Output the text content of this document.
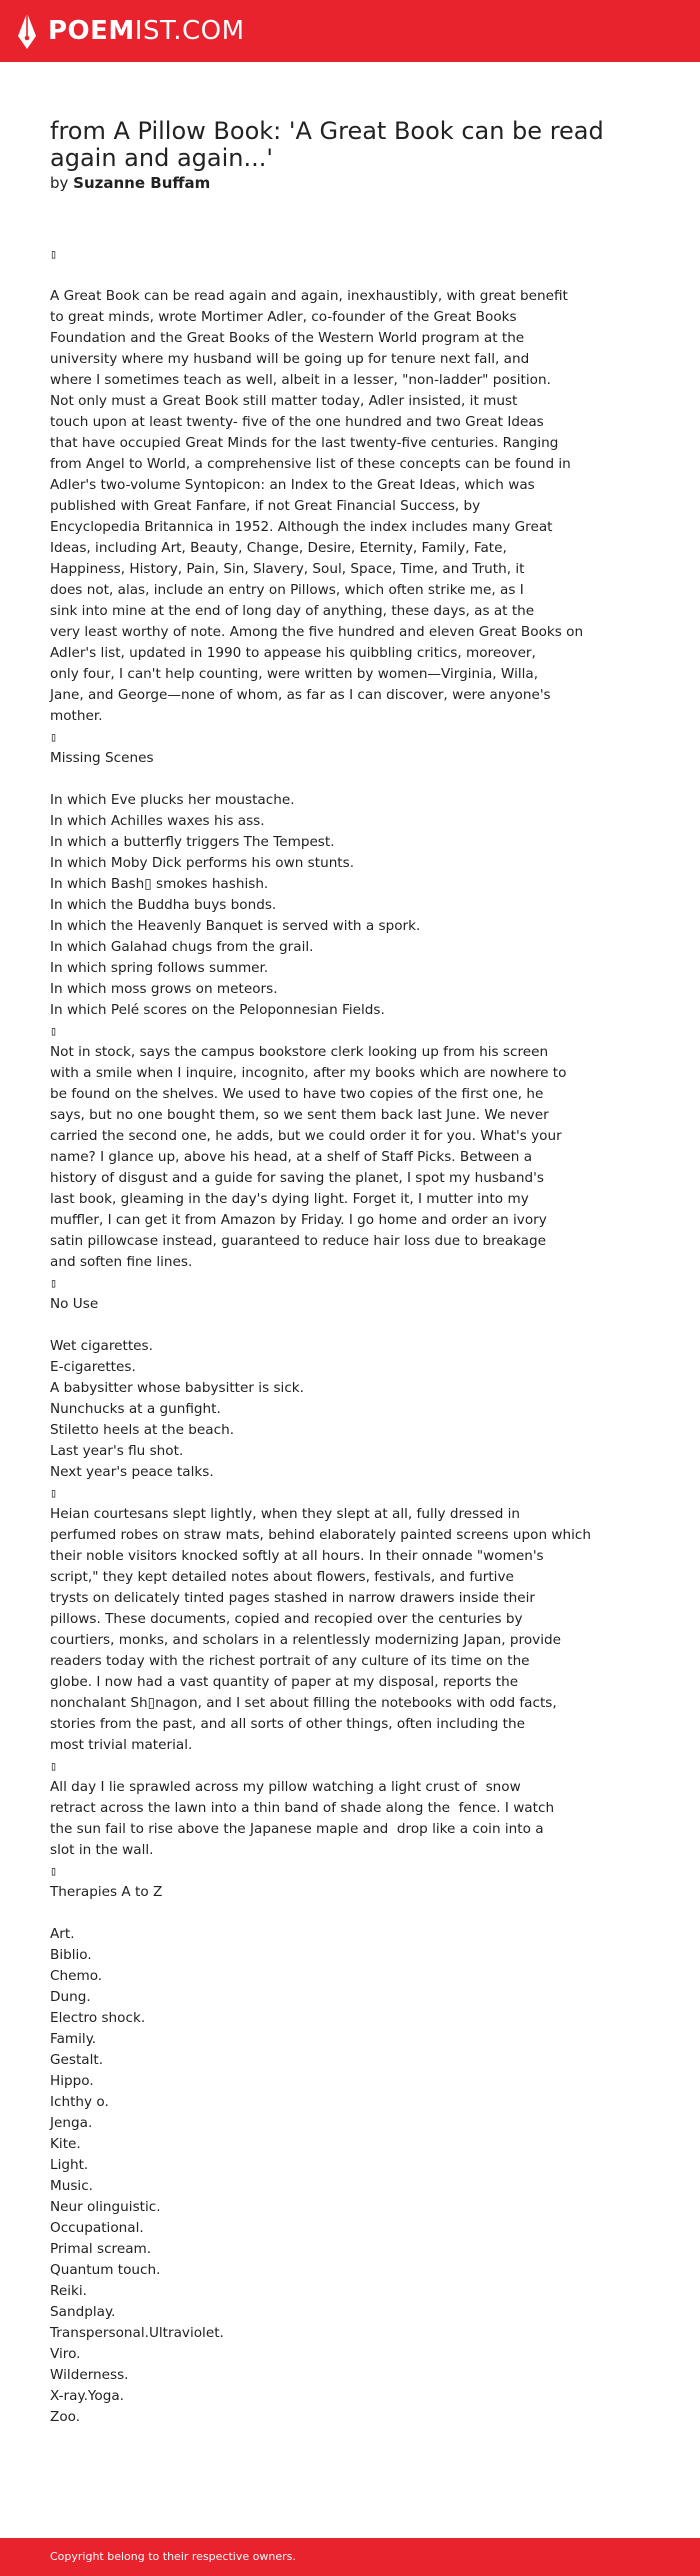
POEMIST.COM
from A Pillow Book: 'A Great Book can be read again and again...'
by Suzanne Buffam
▯
A Great Book can be read again and again, inexhaustibly, with great benefit
to great minds, wrote Mortimer Adler, co-founder of the Great Books
Foundation and the Great Books of the Western World program at the
university where my husband will be going up for tenure next fall, and
where I sometimes teach as well, albeit in a lesser, "non-ladder" position.
Not only must a Great Book still matter today, Adler insisted, it must
touch upon at least twenty- five of the one hundred and two Great Ideas
that have occupied Great Minds for the last twenty-five centuries. Ranging
from Angel to World, a comprehensive list of these concepts can be found in
Adler's two-volume Syntopicon: an Index to the Great Ideas, which was
published with Great Fanfare, if not Great Financial Success, by
Encyclopedia Britannica in 1952. Although the index includes many Great
Ideas, including Art, Beauty, Change, Desire, Eternity, Family, Fate,
Happiness, History, Pain, Sin, Slavery, Soul, Space, Time, and Truth, it
does not, alas, include an entry on Pillows, which often strike me, as I
sink into mine at the end of long day of anything, these days, as at the
very least worthy of note. Among the five hundred and eleven Great Books on
Adler's list, updated in 1990 to appease his quibbling critics, moreover,
only four, I can't help counting, were written by women—Virginia, Willa,
Jane, and George—none of whom, as far as I can discover, were anyone's
mother.
▯
Missing Scenes
In which Eve plucks her moustache.
In which Achilles waxes his ass.
In which a butterfly triggers The Tempest.
In which Moby Dick performs his own stunts.
In which Bash▯ smokes hashish.
In which the Buddha buys bonds.
In which the Heavenly Banquet is served with a spork.
In which Galahad chugs from the grail.
In which spring follows summer.
In which moss grows on meteors.
In which Pelé scores on the Peloponnesian Fields.
▯
Not in stock, says the campus bookstore clerk looking up from his screen
with a smile when I inquire, incognito, after my books which are nowhere to
be found on the shelves. We used to have two copies of the first one, he
says, but no one bought them, so we sent them back last June. We never
carried the second one, he adds, but we could order it for you. What's your
name? I glance up, above his head, at a shelf of Staff Picks. Between a
history of disgust and a guide for saving the planet, I spot my husband's
last book, gleaming in the day's dying light. Forget it, I mutter into my
muffler, I can get it from Amazon by Friday. I go home and order an ivory
satin pillowcase instead, guaranteed to reduce hair loss due to breakage
and soften fine lines.
▯
No Use
Wet cigarettes.
E-cigarettes.
A babysitter whose babysitter is sick.
Nunchucks at a gunfight.
Stiletto heels at the beach.
Last year's flu shot.
Next year's peace talks.
▯
Heian courtesans slept lightly, when they slept at all, fully dressed in
perfumed robes on straw mats, behind elaborately painted screens upon which
their noble visitors knocked softly at all hours. In their onnade "women's
script," they kept detailed notes about flowers, festivals, and furtive
trysts on delicately tinted pages stashed in narrow drawers inside their
pillows. These documents, copied and recopied over the centuries by
courtiers, monks, and scholars in a relentlessly modernizing Japan, provide
readers today with the richest portrait of any culture of its time on the
globe. I now had a vast quantity of paper at my disposal, reports the
nonchalant Sh▯nagon, and I set about filling the notebooks with odd facts,
stories from the past, and all sorts of other things, often including the
most trivial material.
▯
All day I lie sprawled across my pillow watching a light crust of  snow
retract across the lawn into a thin band of shade along the  fence. I watch
the sun fail to rise above the Japanese maple and  drop like a coin into a
slot in the wall.
▯
Therapies A to Z
Art.
Biblio.
Chemo.
Dung.
Electro shock.
Family.
Gestalt.
Hippo.
Ichthy o.
Jenga.
Kite.
Light.
Music.
Neur olinguistic.
Occupational.
Primal scream.
Quantum touch.
Reiki.
Sandplay.
Transpersonal.Ultraviolet.
Viro.
Wilderness.
X-ray.Yoga.
Zoo.
Copyright belong to their respective owners.
